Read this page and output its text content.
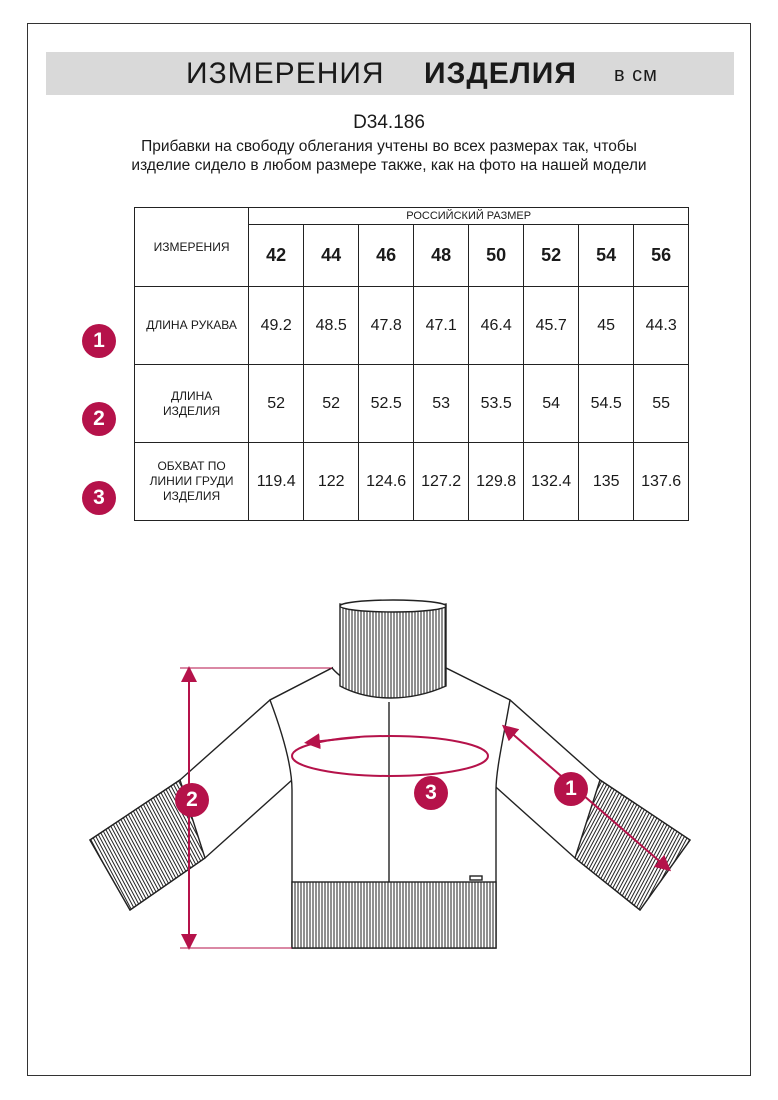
ИЗМЕРЕНИЯ ИЗДЕЛИЯ в см
D34.186
Прибавки на свободу облегания учтены во всех размерах так, чтобы изделие сидело в любом размере также, как на фото на нашей модели
ИЗМЕРЕНИЯ	РОССИЙСКИЙ РАЗМЕР							
	42	44	46	48	50	52	54	56
ДЛИНА РУКАВА	49.2	48.5	47.8	47.1	46.4	45.7	45	44.3
ДЛИНА ИЗДЕЛИЯ	52	52	52.5	53	53.5	54	54.5	55
ОБХВАТ ПО ЛИНИИ ГРУДИ ИЗДЕЛИЯ	119.4	122	124.6	127.2	129.8	132.4	135	137.6
1
2
3
2	3	1
